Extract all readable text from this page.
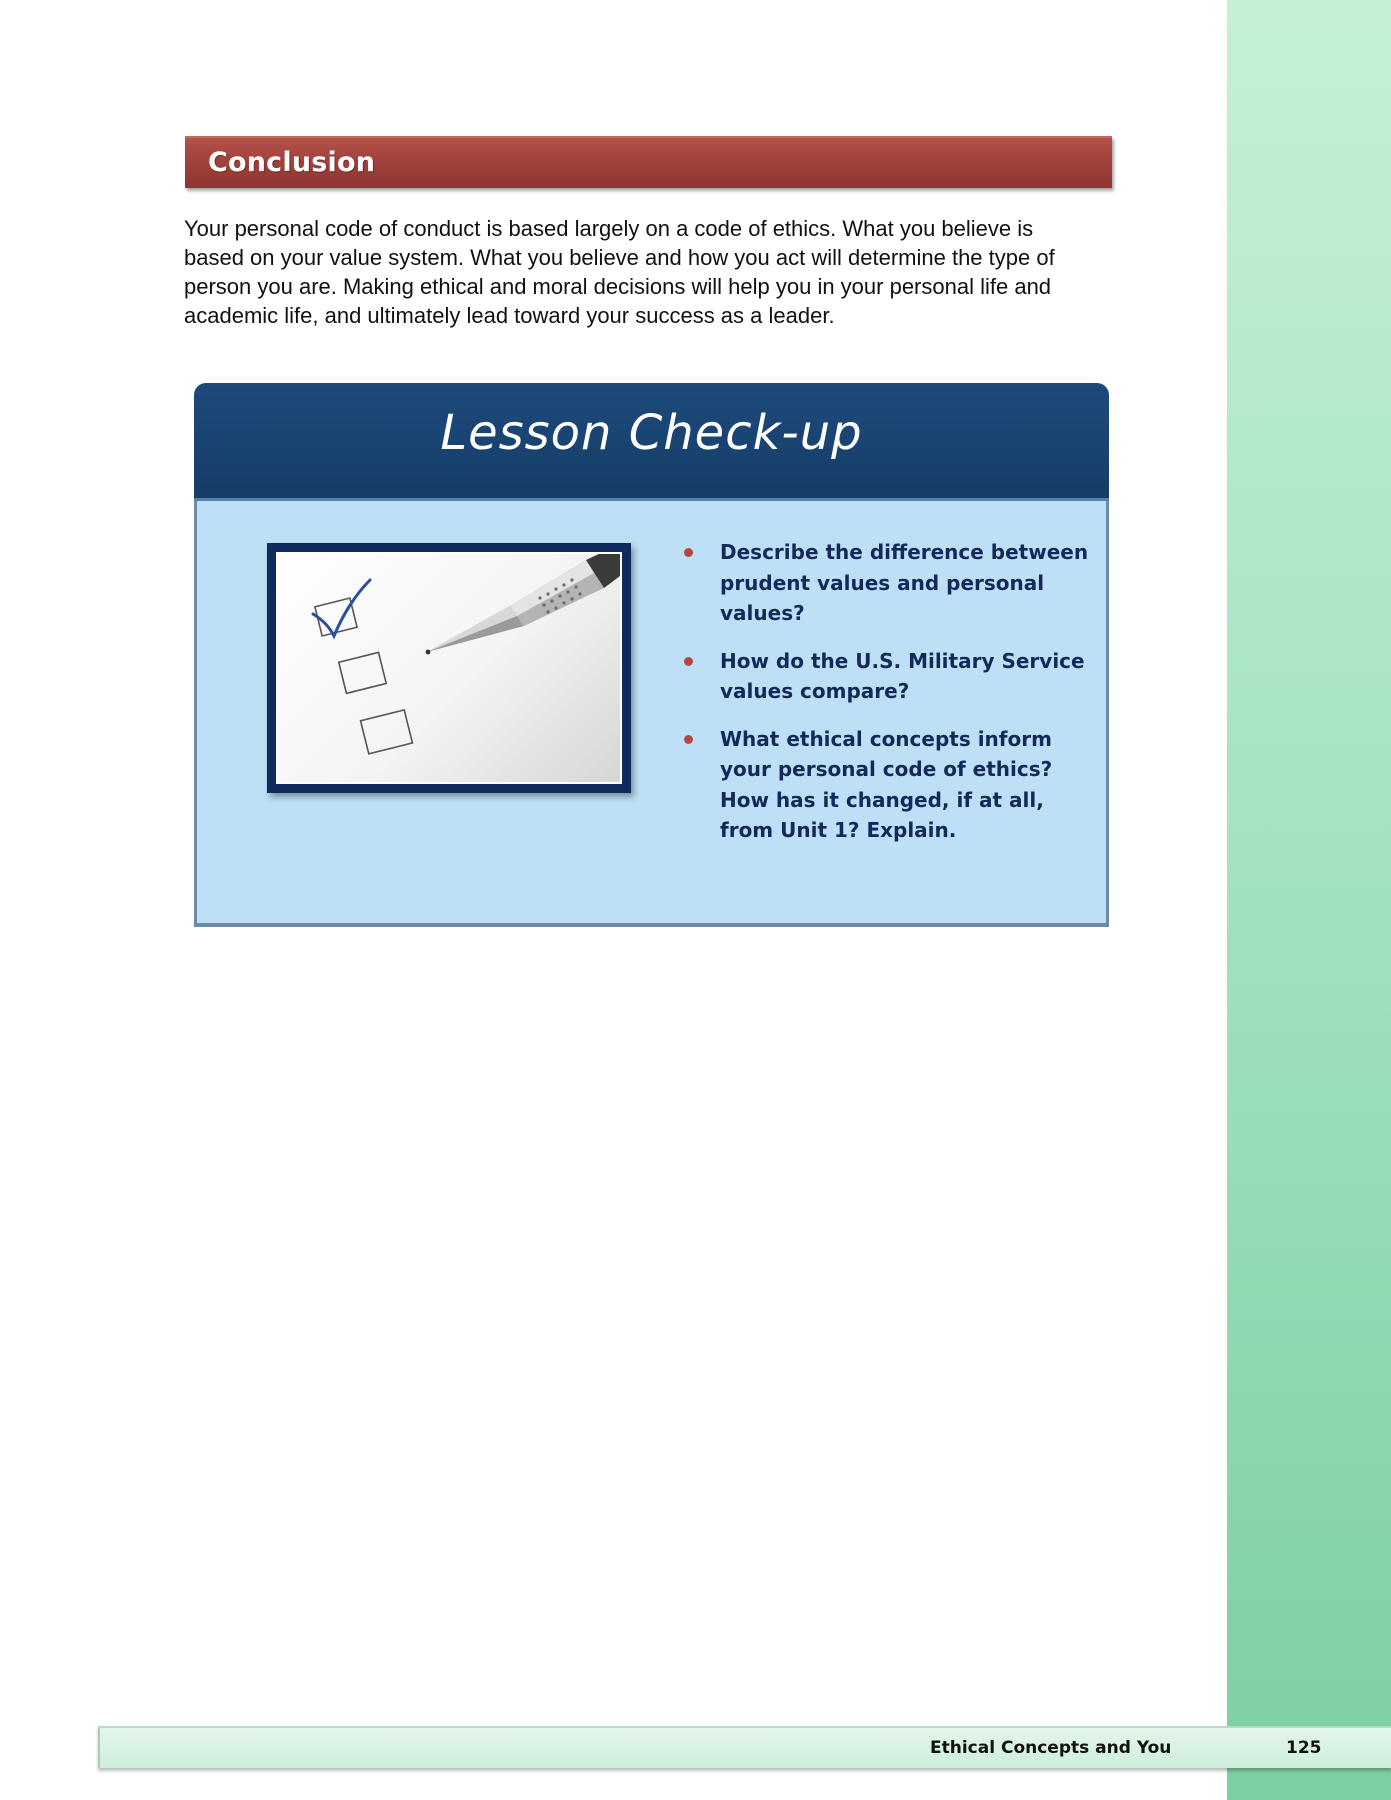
Conclusion

Your personal code of conduct is based largely on a code of ethics. What you believe is based on your value system. What you believe and how you act will determine the type of person you are. Making ethical and moral decisions will help you in your personal life and academic life, and ultimately lead toward your success as a leader.

Lesson Check-up
Describe the difference between prudent values and personal values?
How do the U.S. Military Service values compare?
What ethical concepts inform your personal code of ethics? How has it changed, if at all, from Unit 1? Explain.
Ethical Concepts and You	125
